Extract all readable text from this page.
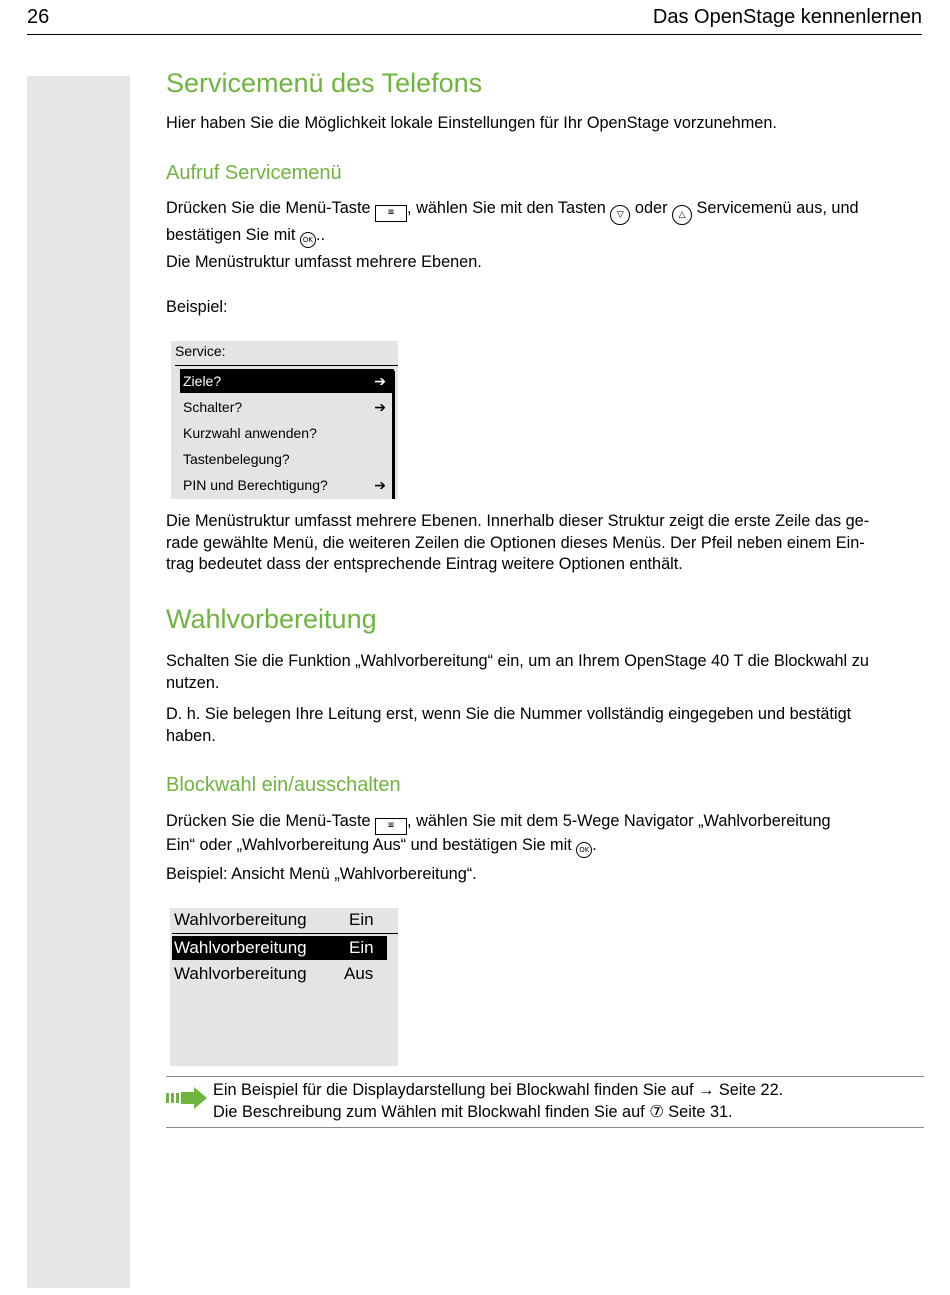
26	Das OpenStage kennenlernen
Servicemenü des Telefons

Hier haben Sie die Möglichkeit lokale Einstellungen für Ihr OpenStage vorzunehmen.

Aufruf Servicemenü

Drücken Sie die Menü-Taste ≡ , wählen Sie mit den Tasten ▽ oder △ Servicemenü aus, und
bestätigen Sie mit OK ..

Die Menüstruktur umfasst mehrere Ebenen.

Beispiel:

Service:
Ziele?	➔
Schalter?	➔
Kurzwahl anwenden?
Tastenbelegung?
PIN und Berechtigung?	➔

Die Menüstruktur umfasst mehrere Ebenen. Innerhalb dieser Struktur zeigt die erste Zeile das ge-
rade gewählte Menü, die weiteren Zeilen die Optionen dieses Menüs. Der Pfeil neben einem Ein-
trag bedeutet dass der entsprechende Eintrag weitere Optionen enthält.

Wahlvorbereitung

Schalten Sie die Funktion „Wahlvorbereitung“ ein, um an Ihrem OpenStage 40 T die Blockwahl zu
nutzen.

D. h. Sie belegen Ihre Leitung erst, wenn Sie die Nummer vollständig eingegeben und bestätigt
haben.

Blockwahl ein/ausschalten

Drücken Sie die Menü-Taste ≡ , wählen Sie mit dem 5-Wege Navigator „Wahlvorbereitung
Ein“ oder „Wahlvorbereitung Aus“ und bestätigen Sie mit OK .

Beispiel: Ansicht Menü „Wahlvorbereitung“.

Wahlvorbereitung Ein
Wahlvorbereitung Ein
Wahlvorbereitung Aus

Ein Beispiel für die Displaydarstellung bei Blockwahl finden Sie auf → Seite 22.

Die Beschreibung zum Wählen mit Blockwahl finden Sie auf ⑦ Seite 31.
